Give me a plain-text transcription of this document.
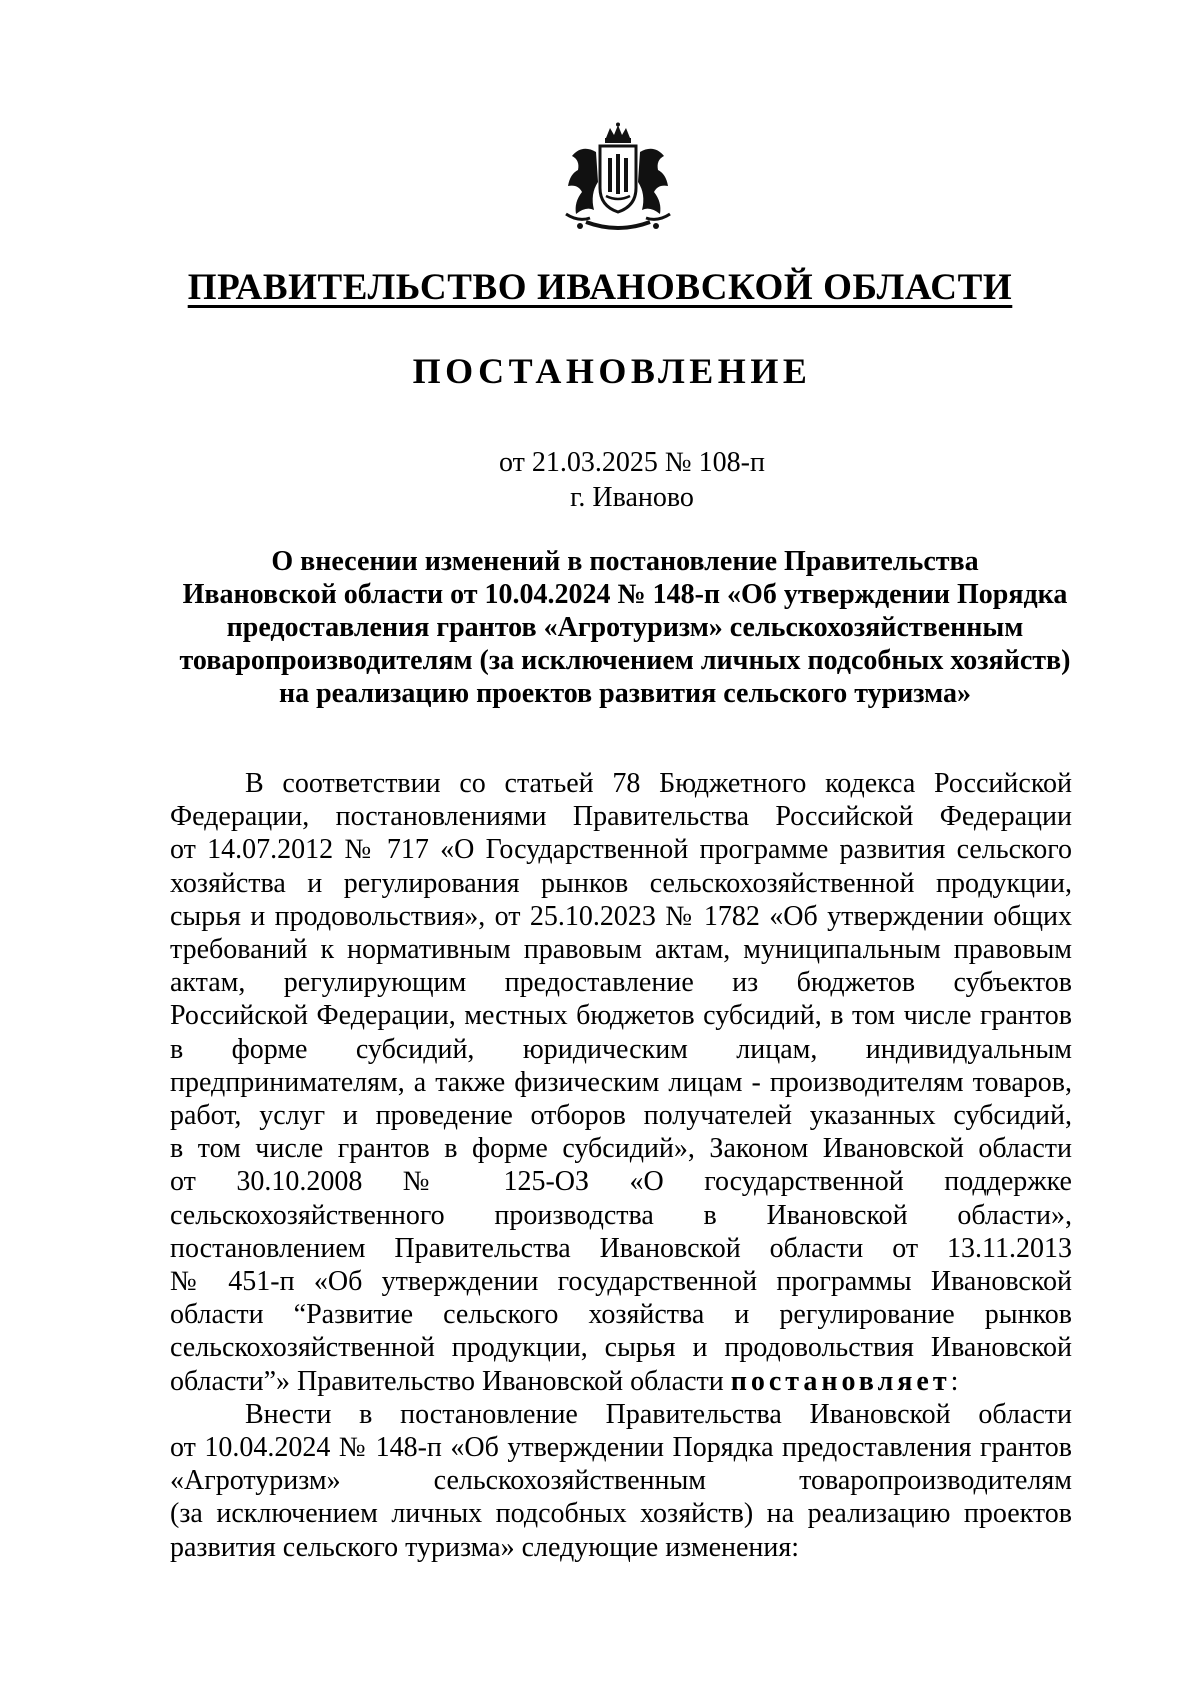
ПРАВИТЕЛЬСТВО ИВАНОВСКОЙ ОБЛАСТИ
ПОСТАНОВЛЕНИЕ
от 21.03.2025 № 108-п
г. Иваново
О внесении изменений в постановление Правительства
Ивановской области от 10.04.2024 № 148-п «Об утверждении Порядка
предоставления грантов «Агротуризм» сельскохозяйственным
товаропроизводителям (за исключением личных подсобных хозяйств)
на реализацию проектов развития сельского туризма»
В соответствии со статьей 78 Бюджетного кодекса Российской
Федерации, постановлениями Правительства Российской Федерации
от 14.07.2012 № 717 «О Государственной программе развития сельского
хозяйства и регулирования рынков сельскохозяйственной продукции,
сырья и продовольствия», от 25.10.2023 № 1782 «Об утверждении общих
требований к нормативным правовым актам, муниципальным правовым
актам, регулирующим предоставление из бюджетов субъектов
Российской Федерации, местных бюджетов субсидий, в том числе грантов
в форме субсидий, юридическим лицам, индивидуальным
предпринимателям, а также физическим лицам - производителям товаров,
работ, услуг и проведение отборов получателей указанных субсидий,
в том числе грантов в форме субсидий», Законом Ивановской области
от 30.10.2008 № 125-ОЗ «О государственной поддержке
сельскохозяйственного производства в Ивановской области»,
постановлением Правительства Ивановской области от 13.11.2013
№ 451-п «Об утверждении государственной программы Ивановской
области “Развитие сельского хозяйства и регулирование рынков
сельскохозяйственной продукции, сырья и продовольствия Ивановской
области”» Правительство Ивановской области постановляет:
Внести в постановление Правительства Ивановской области
от 10.04.2024 № 148-п «Об утверждении Порядка предоставления грантов
«Агротуризм» сельскохозяйственным товаропроизводителям
(за исключением личных подсобных хозяйств) на реализацию проектов
развития сельского туризма» следующие изменения:
